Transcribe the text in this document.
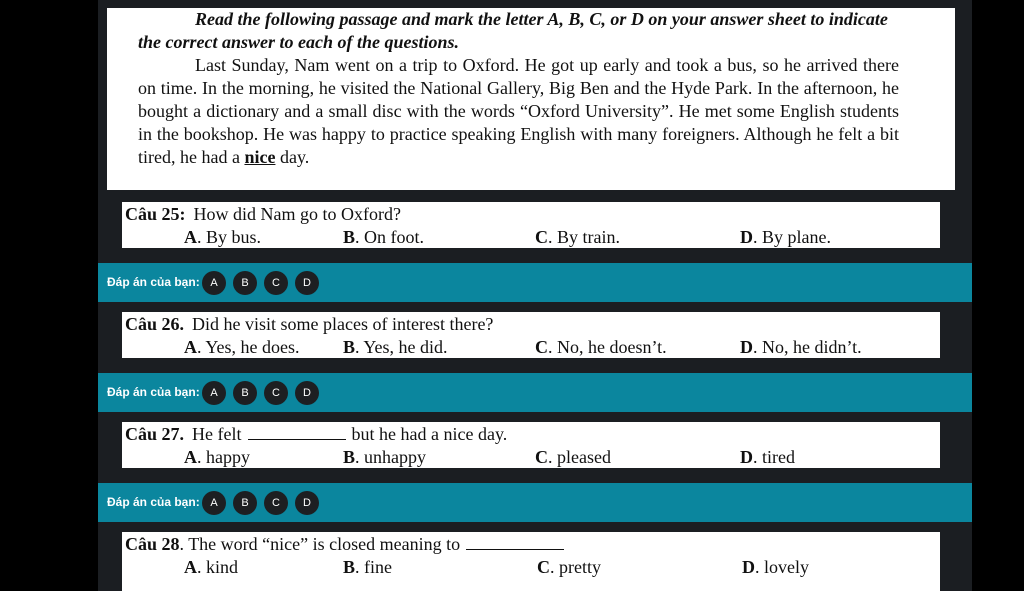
Read the following passage and mark the letter A, B, C, or D on your answer sheet to indicate the correct answer to each of the questions.

Last Sunday, Nam went on a trip to Oxford. He got up early and took a bus, so he arrived there on time. In the morning, he visited the National Gallery, Big Ben and the Hyde Park. In the afternoon, he bought a dictionary and a small disc with the words “Oxford University”. He met some English students in the bookshop. He was happy to practice speaking English with many foreigners. Although he felt a bit tired, he had a nice day.

Câu 25: How did Nam go to Oxford?
A. By bus.	B. On foot.	C. By train.	D. By plane.
Đáp án của bạn: A	B	C	D
Câu 26. Did he visit some places of interest there?
A. Yes, he does. B. Yes, he did.	C. No, he doesn’t.	D. No, he didn’t.
Đáp án của bạn: A	B	C	D
Câu 27. He felt	but he had a nice day.
A. happy	B. unhappy	C. pleased	D. tired
Đáp án của bạn: A	B	C	D
Câu 28. The word “nice” is closed meaning to
A. kind	B. fine	C. pretty	D. lovely
